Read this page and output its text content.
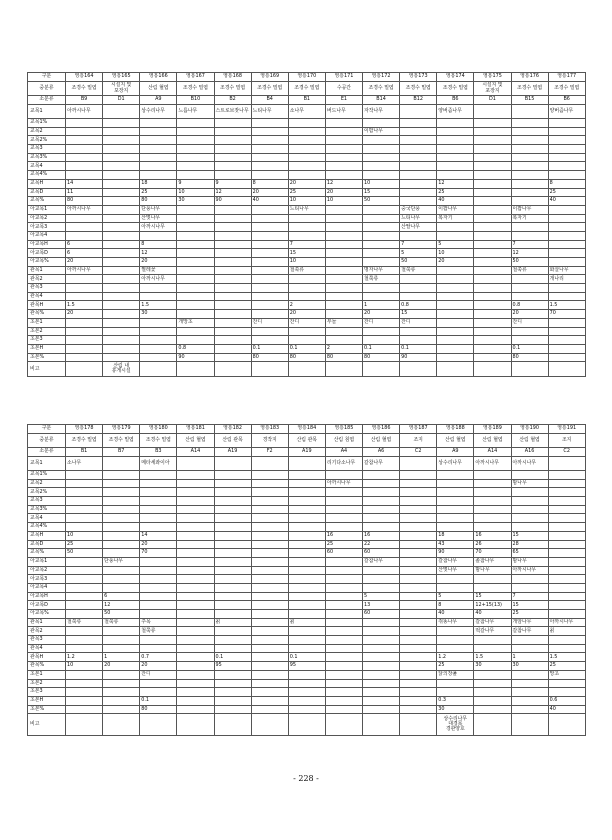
구분	영흥164	영흥165	영흥166	영흥167	영흥168	영흥169	영흥170	영흥171	영흥172	영흥173	영흥174	영흥175	영흥176	영흥177
중분류	조경수 밀엽	시설지 및 포장지	산림 혈엽	조경수 밀엽	조경수 밀엽	조경수 밀엽	조경수 밀엽	수공간	조경수 밀엽	조경수 밀엽	조경수 밀엽	시설지 및 포장지	조경수 밀엽	조경수 밀엽
소분류	B9	D1	A9	B10	B2	B4	B1	E1	B14	B12	B6	D1	B15	B6
교목1	아까시나무		상수리나무	느릅나무	스트로브잣나무	느티나무	소나무	버드나무	자작나무		양버즘나무			양버즘나무
교목1%														
교목2									이팝나무					
교목2%														
교목3														
교목3%														
교목4														
교목4%														
교목H	14		18	9	9	8	20	12	10		12			8
교목D	11		25	10	12	20	25	20	15		25			25
교목%	80		80	30	90	40	10	10	50		40			40
아교목1	아까시나무		단풍나무				느티나무			중국단풍	이팝나무		이팝나무	
아교목2			산벚나무							느티나무	복자기		복자기	
아교목3			아까시나무							산딸나무				
아교목4														
아교목H	6		8				7			7	5		7	
아교목D	6		12				15			5	10		12	
아교목%	20		20				10			50	20		50	
관목1	아까시나무		찔레꽃				철쭉류		명자나무	철쭉류			철쭉류	화살나무
관목2			아까시나무						철쭉류					개나리
관목3														
관목4														
관목H	1.5		1.5				2		1	0.8			0.8	1.5
관목%	20		30				20		20	15			20	70
초본1				개망초		잔디	잔디	부들	잔디	잔디			잔디	
초본2														
초본3														
초본H				0.8		0.1	0.1	2	0.1	0.1			0.1	
초본%				90		80	80	80	80	90			80	
비고		산림 내 휴게시설												
구분	영흥178	영흥179	영흥180	영흥181	영흥182	영흥183	영흥184	영흥185	영흥186	영흥187	영흥188	영흥189	영흥190	영흥191
중분류	조경수 밀엽	조경수 밀엽	조경수 밀엽	산림 혈엽	산림 관목	경작지	산림 관목	산림 침엽	산림 혈엽	조지	산림 혈엽	산림 혈엽	산림 혈엽	조지
소분류	B1	B7	B3	A14	A19	F2	A19	A4	A6	C2	A9	A14	A16	C2
교목1	소나무		메타세콰이아					리기다소나무	갈참나무		상수리나무	아까시나무	아까시나무	
교목1%														
교목2								아까시나무					밤나무	
교목2%														
교목3														
교목3%														
교목4														
교목4%														
교목H	10		14					16	16		18	16	15	
교목D	25		20					25	22		43	26	28	
교목%	50		70					60	60		90	70	65	
아교목1		단풍나무							갈참나무		갈참나무	졸참나무	밤나무	
아교목2											산벚나무	밤나무	아까시나무	
아교목3														
아교목4														
아교목H		6							5		5	15	7	
아교목D		12							13		8	12+15(13)	15	
아교목%		50							60		40	40	25	
관목1	철쭉류	철쭉류	주목		칡		칡				쥐똥나무	갈참나무	개암나무	아까시나무
관목2			철쭉류									떡갈나무	갈참나무	칡
관목3														
관목4														
관목H	1.2	1	0.7		0.1		0.1				1.2	1.5	1	1.5
관목%	10	20	20		95		95				25	30	30	25
초본1			잔디								닭의장풀			망초
초본2														
초본3														
초본H			0.1								0.3			0.6
초본%			80								30			40
비고											상수리나무 대경목 경관양호			
- 228 -
